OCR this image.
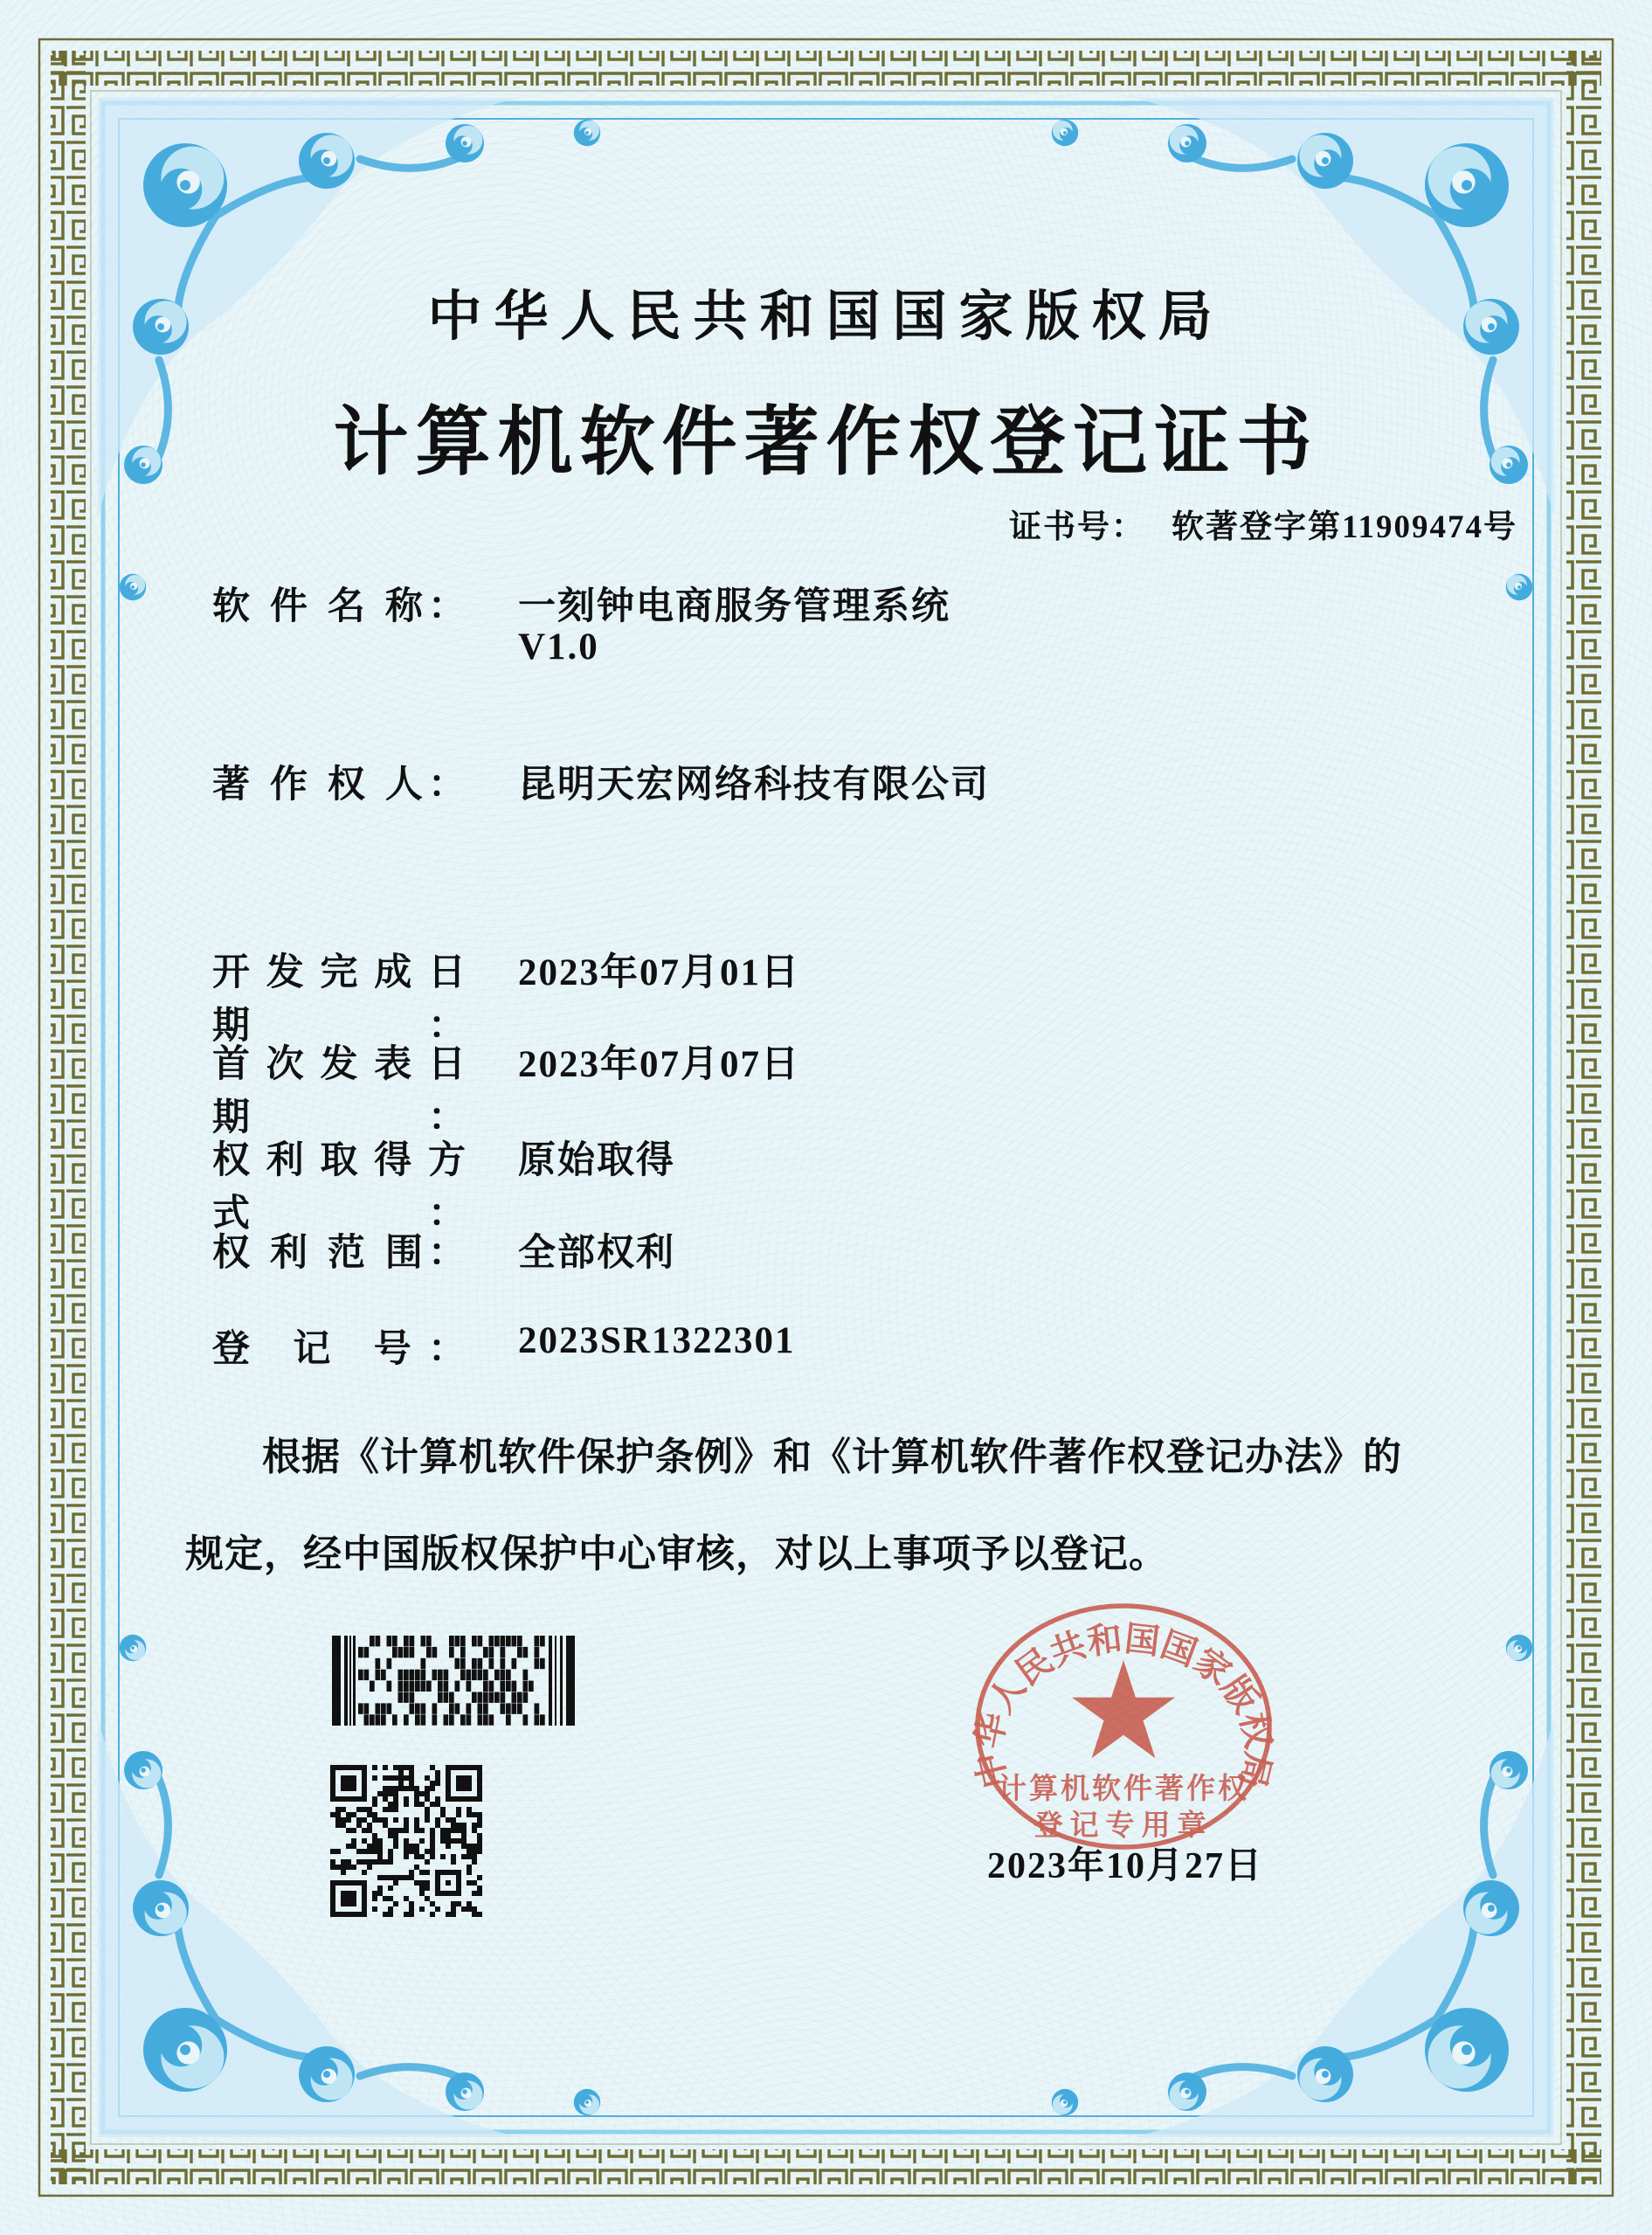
中华人民共和国国家版权局
计算机软件著作权登记证书
证书号： 软著登字第11909474号
软 件 名 称： 一刻钟电商服务管理系统
V1.0
著 作 权 人： 昆明天宏网络科技有限公司
开发完成日期：
2023年07月01日
首次发表日期：
2023年07月07日
权利取得方式：
原始取得
权 利 范 围： 全部权利
登 记 号： 2023SR1322301
根据《计算机软件保护条例》和《计算机软件著作权登记办法》的
规定，经中国版权保护中心审核，对以上事项予以登记。
中华人民共和国国家版权局
计算机软件著作权
登记专用章
2023年10月27日
